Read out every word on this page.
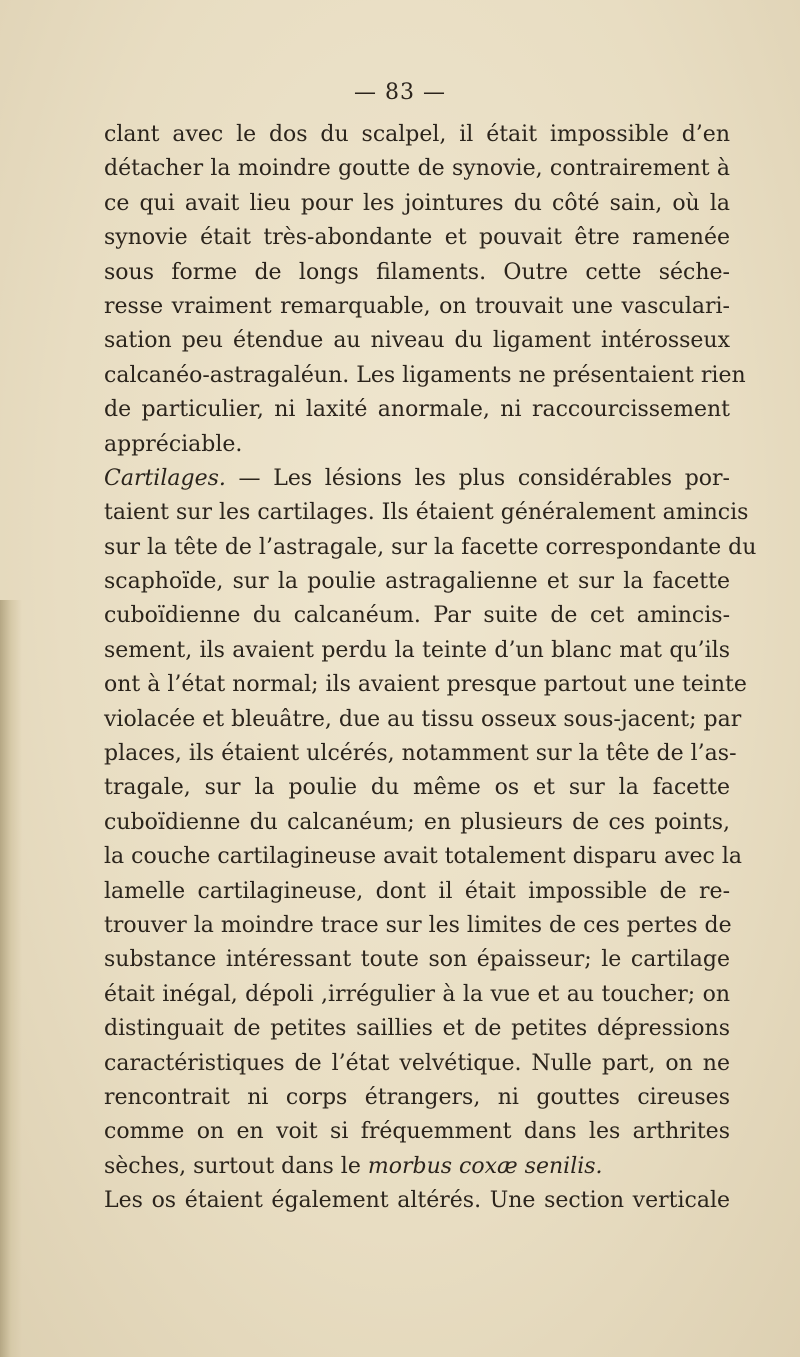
— 83 —
clant avec le dos du scalpel, il était impossible d’en
détacher la moindre goutte de synovie, contrairement à
ce qui avait lieu pour les jointures du côté sain, où la
synovie était très-abondante et pouvait être ramenée
sous forme de longs filaments. Outre cette séche-
resse vraiment remarquable, on trouvait une vasculari-
sation peu étendue au niveau du ligament intérosseux
calcanéo-astragaléun. Les ligaments ne présentaient rien
de particulier, ni laxité anormale, ni raccourcissement
appréciable.
Cartilages. — Les lésions les plus considérables por-
taient sur les cartilages. Ils étaient généralement amincis
sur la tête de l’astragale, sur la facette correspondante du
scaphoïde, sur la poulie astragalienne et sur la facette
cuboïdienne du calcanéum. Par suite de cet amincis-
sement, ils avaient perdu la teinte d’un blanc mat qu’ils
ont à l’état normal; ils avaient presque partout une teinte
violacée et bleuâtre, due au tissu osseux sous-jacent; par
places, ils étaient ulcérés, notamment sur la tête de l’as-
tragale, sur la poulie du même os et sur la facette
cuboïdienne du calcanéum; en plusieurs de ces points,
la couche cartilagineuse avait totalement disparu avec la
lamelle cartilagineuse, dont il était impossible de re-
trouver la moindre trace sur les limites de ces pertes de
substance intéressant toute son épaisseur; le cartilage
était inégal, dépoli ,irrégulier à la vue et au toucher; on
distinguait de petites saillies et de petites dépressions
caractéristiques de l’état velvétique. Nulle part, on ne
rencontrait ni corps étrangers, ni gouttes cireuses
comme on en voit si fréquemment dans les arthrites
sèches, surtout dans le morbus coxæ senilis.
Les os étaient également altérés. Une section verticale
